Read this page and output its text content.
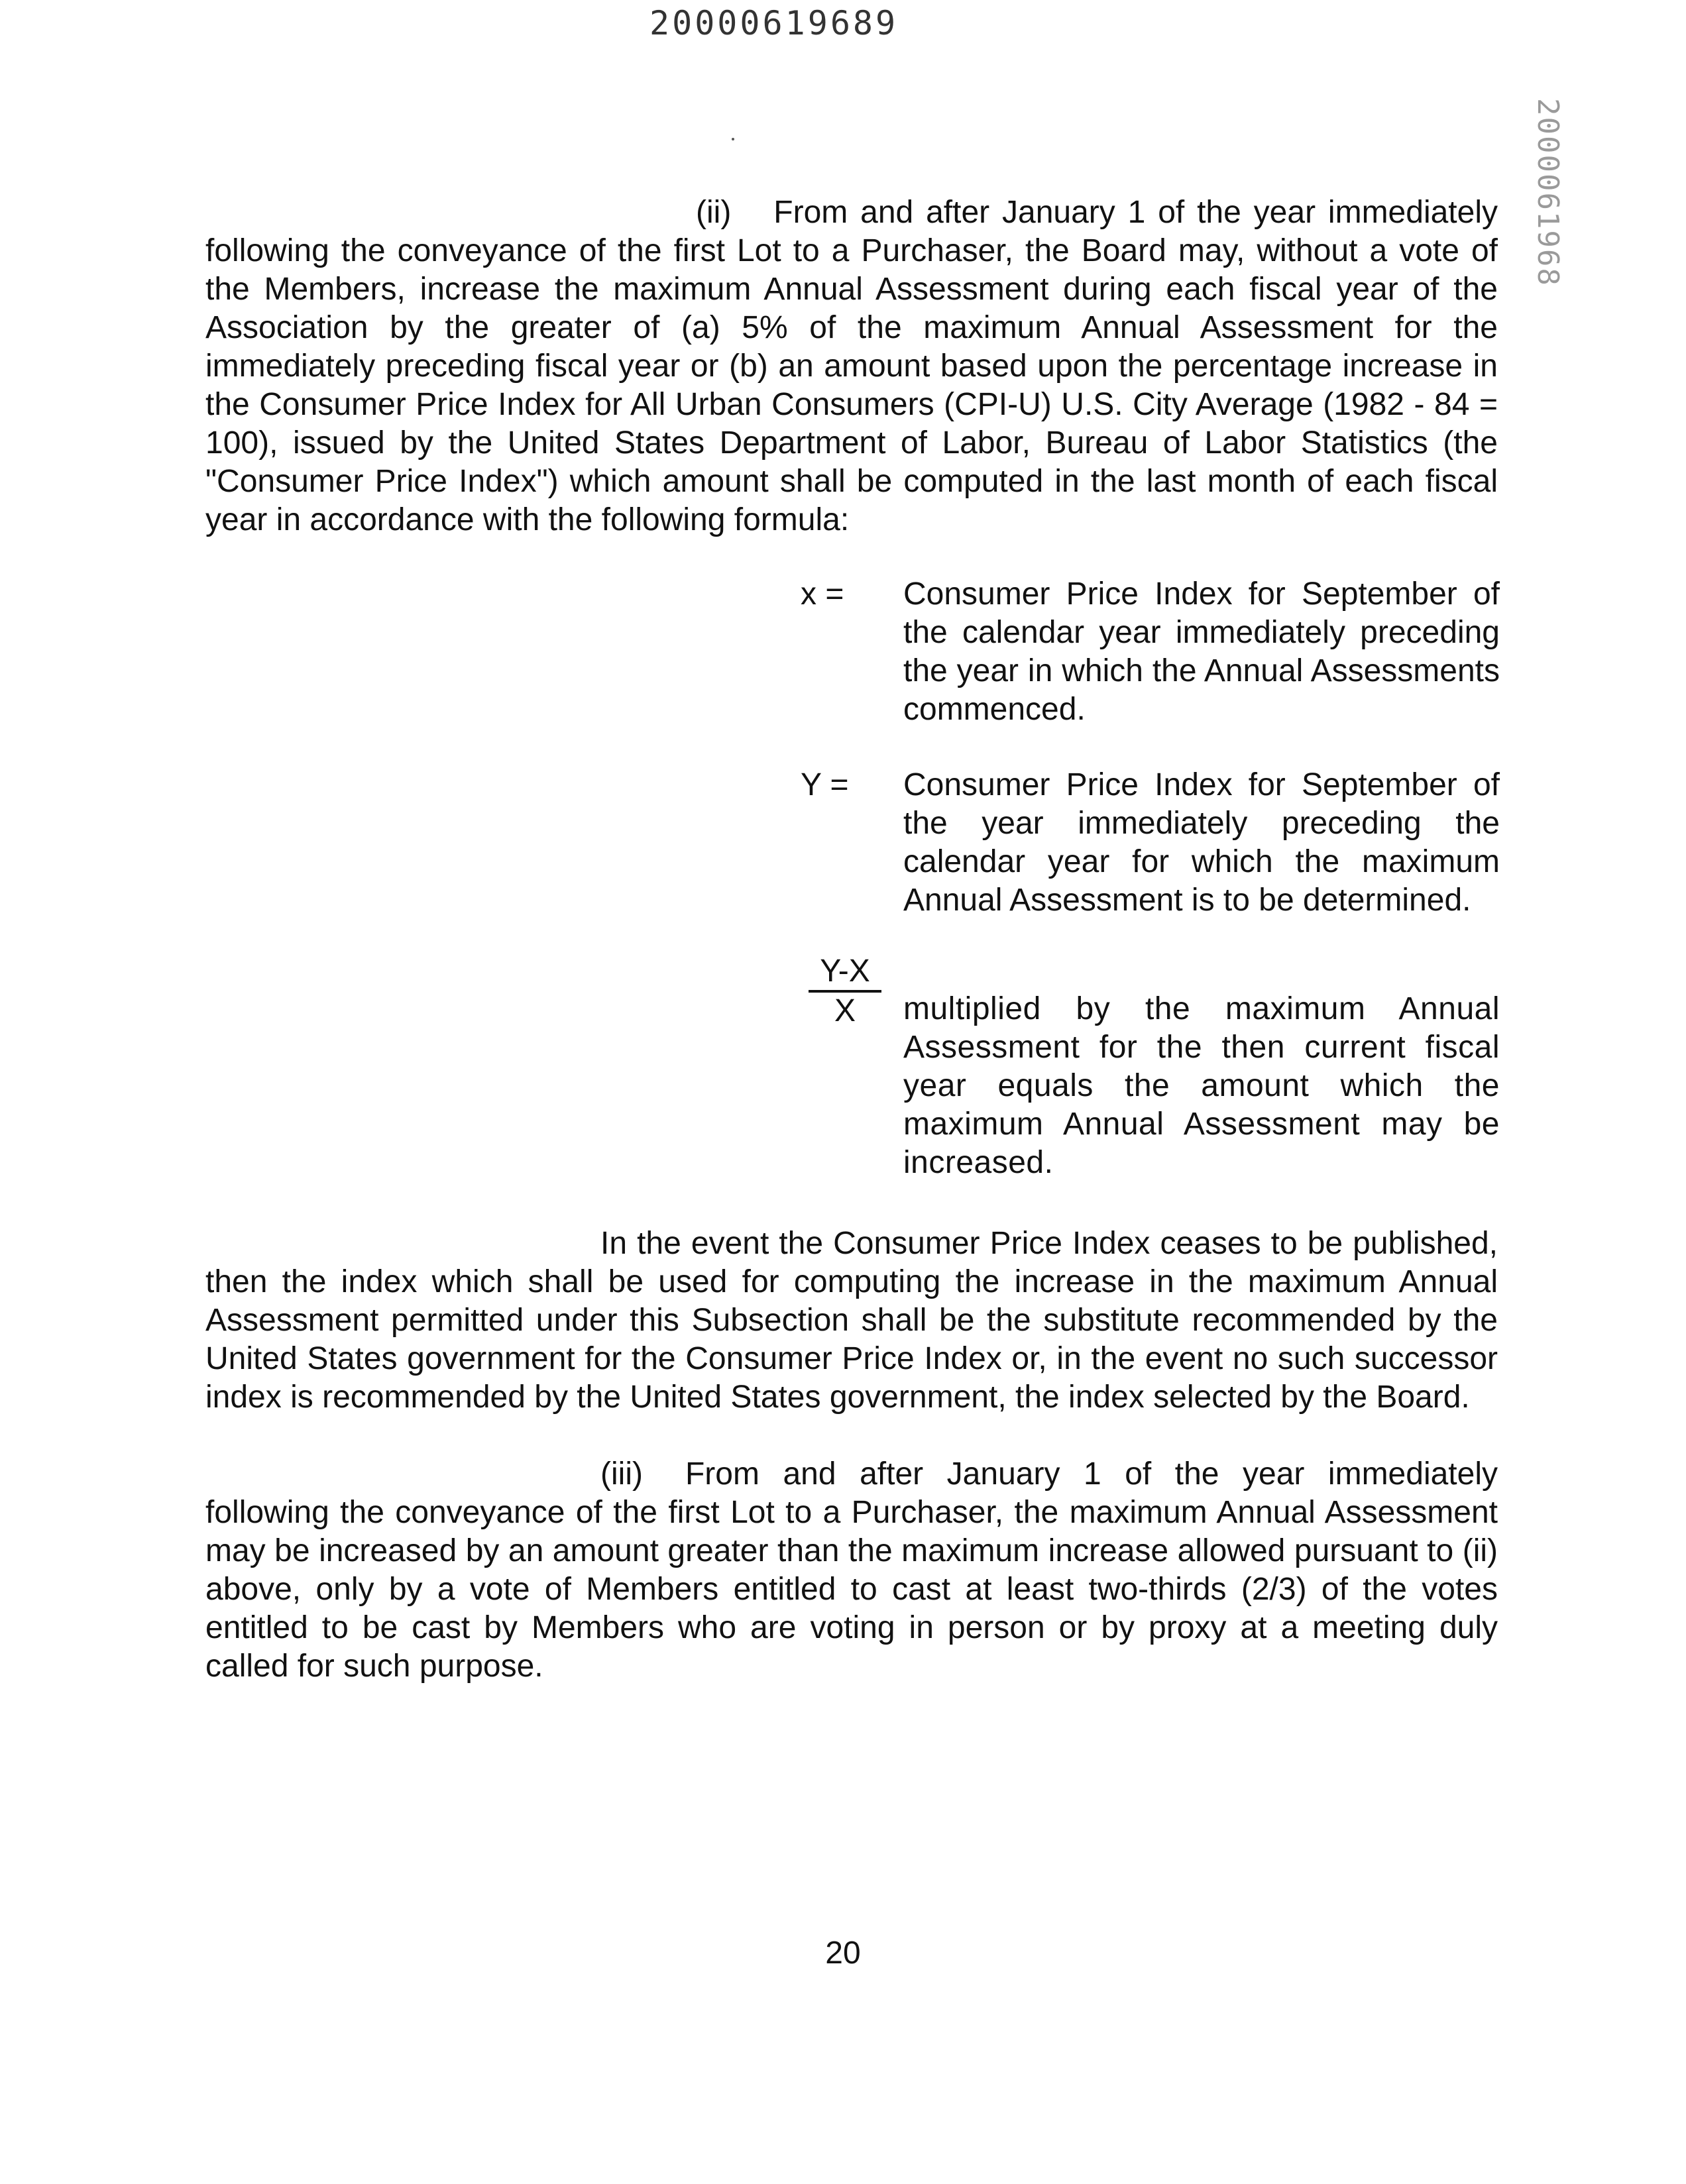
20000619689
2000061968
(ii) From and after January 1 of the year immediately following the conveyance of the first Lot to a Purchaser, the Board may, without a vote of the Members, increase the maximum Annual Assessment during each fiscal year of the Association by the greater of (a) 5% of the maximum Annual Assessment for the immediately preceding fiscal year or (b) an amount based upon the percentage increase in the Consumer Price Index for All Urban Consumers (CPI-U) U.S. City Average (1982 - 84 = 100), issued by the United States Department of Labor, Bureau of Labor Statistics (the "Consumer Price Index") which amount shall be computed in the last month of each fiscal year in accordance with the following formula:
x =	Consumer Price Index for September of the calendar year immediately preceding the year in which the Annual Assessments commenced.
Y =	Consumer Price Index for September of the year immediately preceding the calendar year for which the maximum Annual Assessment is to be determined.
$\frac{Y-X}{X}$ multiplied by the maximum Annual Assessment for the then current fiscal year equals the amount which the maximum Annual Assessment may be increased.
In the event the Consumer Price Index ceases to be published, then the index which shall be used for computing the increase in the maximum Annual Assessment permitted under this Subsection shall be the substitute recommended by the United States government for the Consumer Price Index or, in the event no such successor index is recommended by the United States government, the index selected by the Board.
(iii) From and after January 1 of the year immediately following the conveyance of the first Lot to a Purchaser, the maximum Annual Assessment may be increased by an amount greater than the maximum increase allowed pursuant to (ii) above, only by a vote of Members entitled to cast at least two-thirds (2/3) of the votes entitled to be cast by Members who are voting in person or by proxy at a meeting duly called for such purpose.
20
